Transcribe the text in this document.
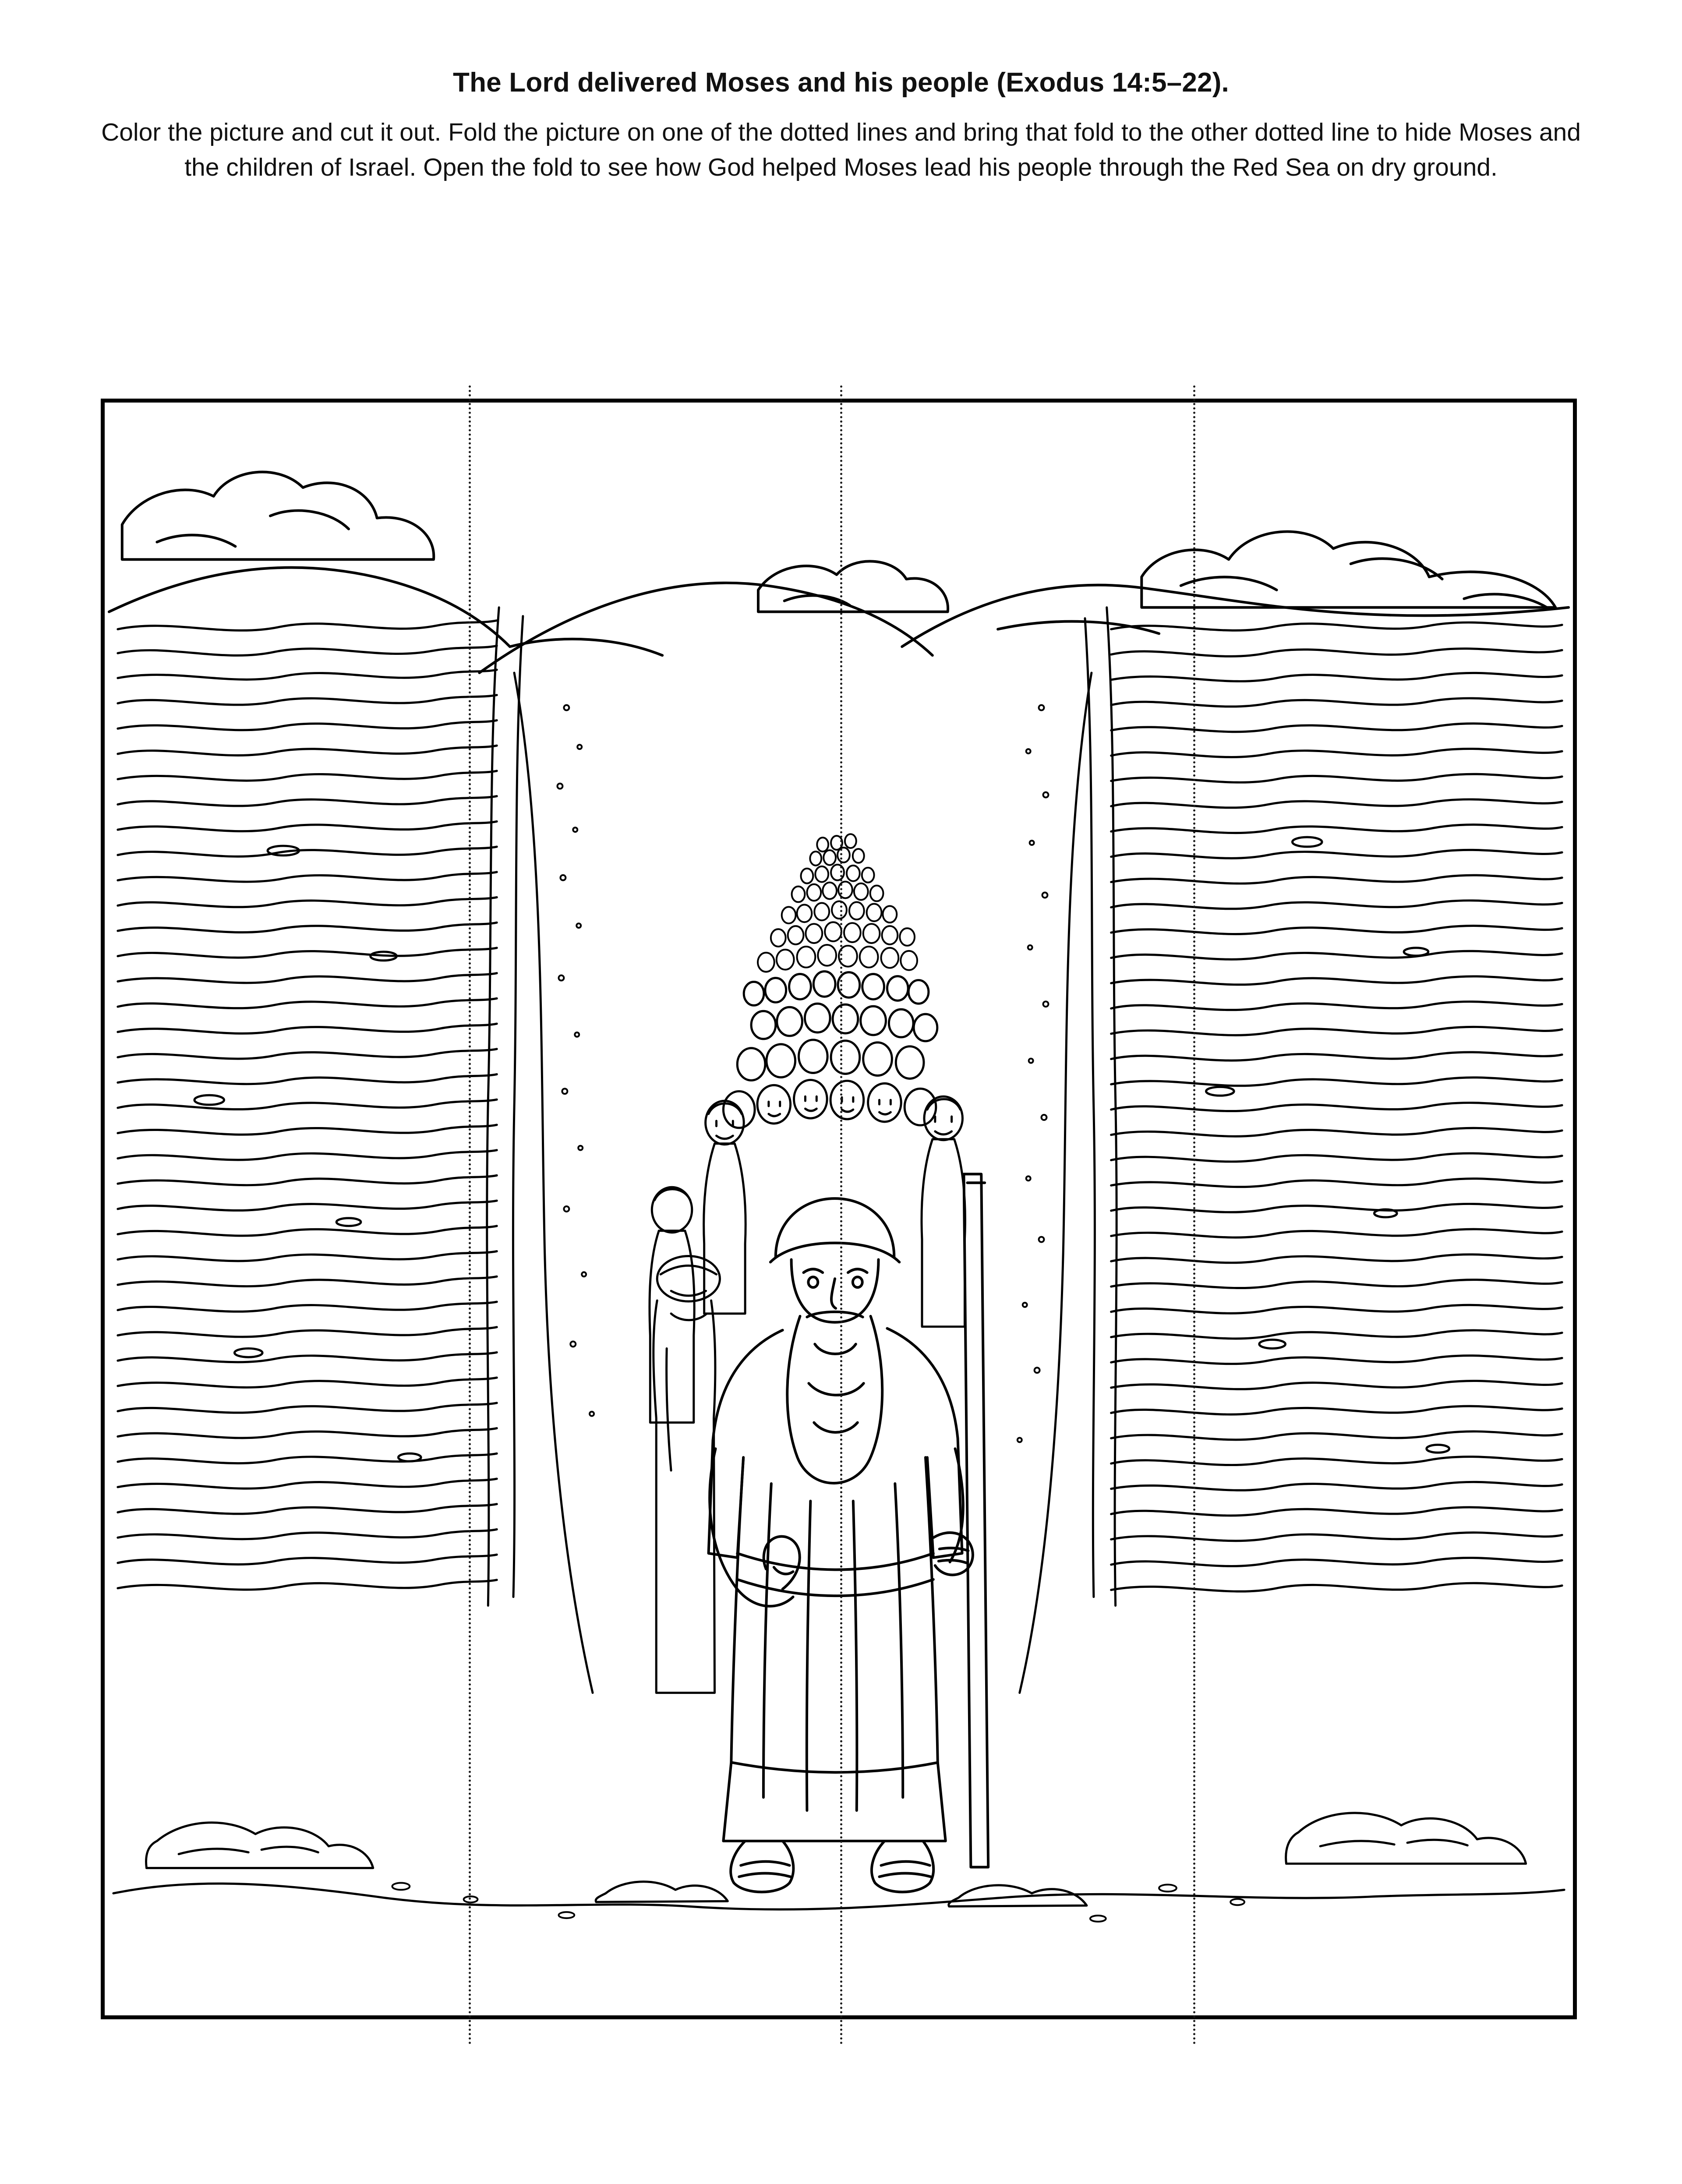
The Lord delivered Moses and his people (Exodus 14:5–22).

Color the picture and cut it out. Fold the picture on one of the dotted lines and bring that fold to the other dotted line to hide Moses and the children of Israel. Open the fold to see how God helped Moses lead his people through the Red Sea on dry ground.
